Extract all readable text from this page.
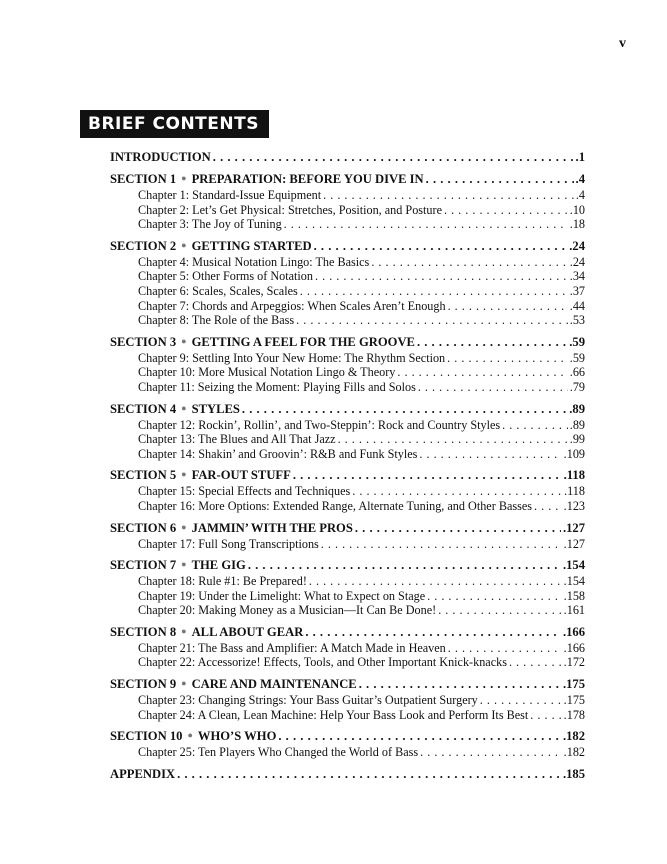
v
BRIEF CONTENTS
INTRODUCTION . . .	.1
SECTION 1 ● PREPARATION: BEFORE YOU DIVE IN . . .	.4
Chapter 1: Standard-Issue Equipment . . .	.4
Chapter 2: Let’s Get Physical: Stretches, Position, and Posture . . .	.10
Chapter 3: The Joy of Tuning . . .	.18
SECTION 2 ● GETTING STARTED . . .	.24
Chapter 4: Musical Notation Lingo: The Basics . . .	.24
Chapter 5: Other Forms of Notation . . .	.34
Chapter 6: Scales, Scales, Scales . . .	.37
Chapter 7: Chords and Arpeggios: When Scales Aren’t Enough . . .	.44
Chapter 8: The Role of the Bass . . .	.53
SECTION 3 ● GETTING A FEEL FOR THE GROOVE . . .	.59
Chapter 9: Settling Into Your New Home: The Rhythm Section . . .	.59
Chapter 10: More Musical Notation Lingo & Theory . . .	.66
Chapter 11: Seizing the Moment: Playing Fills and Solos . . .	.79
SECTION 4 ● STYLES . . .	.89
Chapter 12: Rockin’, Rollin’, and Two-Steppin’: Rock and Country Styles . . .	.89
Chapter 13: The Blues and All That Jazz . . .	.99
Chapter 14: Shakin’ and Groovin’: R&B and Funk Styles . . .	.109
SECTION 5 ● FAR-OUT STUFF . . .	.118
Chapter 15: Special Effects and Techniques . . .	.118
Chapter 16: More Options: Extended Range, Alternate Tuning, and Other Basses . . .	.123
SECTION 6 ● JAMMIN’ WITH THE PROS . . .	.127
Chapter 17: Full Song Transcriptions . . .	.127
SECTION 7 ● THE GIG . . .	.154
Chapter 18: Rule #1: Be Prepared! . . .	.154
Chapter 19: Under the Limelight: What to Expect on Stage . . .	.158
Chapter 20: Making Money as a Musician—It Can Be Done! . . .	.161
SECTION 8 ● ALL ABOUT GEAR . . .	.166
Chapter 21: The Bass and Amplifier: A Match Made in Heaven . . .	.166
Chapter 22: Accessorize! Effects, Tools, and Other Important Knick-knacks . . .	.172
SECTION 9 ● CARE AND MAINTENANCE . . .	.175
Chapter 23: Changing Strings: Your Bass Guitar’s Outpatient Surgery . . .	.175
Chapter 24: A Clean, Lean Machine: Help Your Bass Look and Perform Its Best . . .	.178
SECTION 10 ● WHO’S WHO . . .	.182
Chapter 25: Ten Players Who Changed the World of Bass . . .	.182
APPENDIX . . .	.185
